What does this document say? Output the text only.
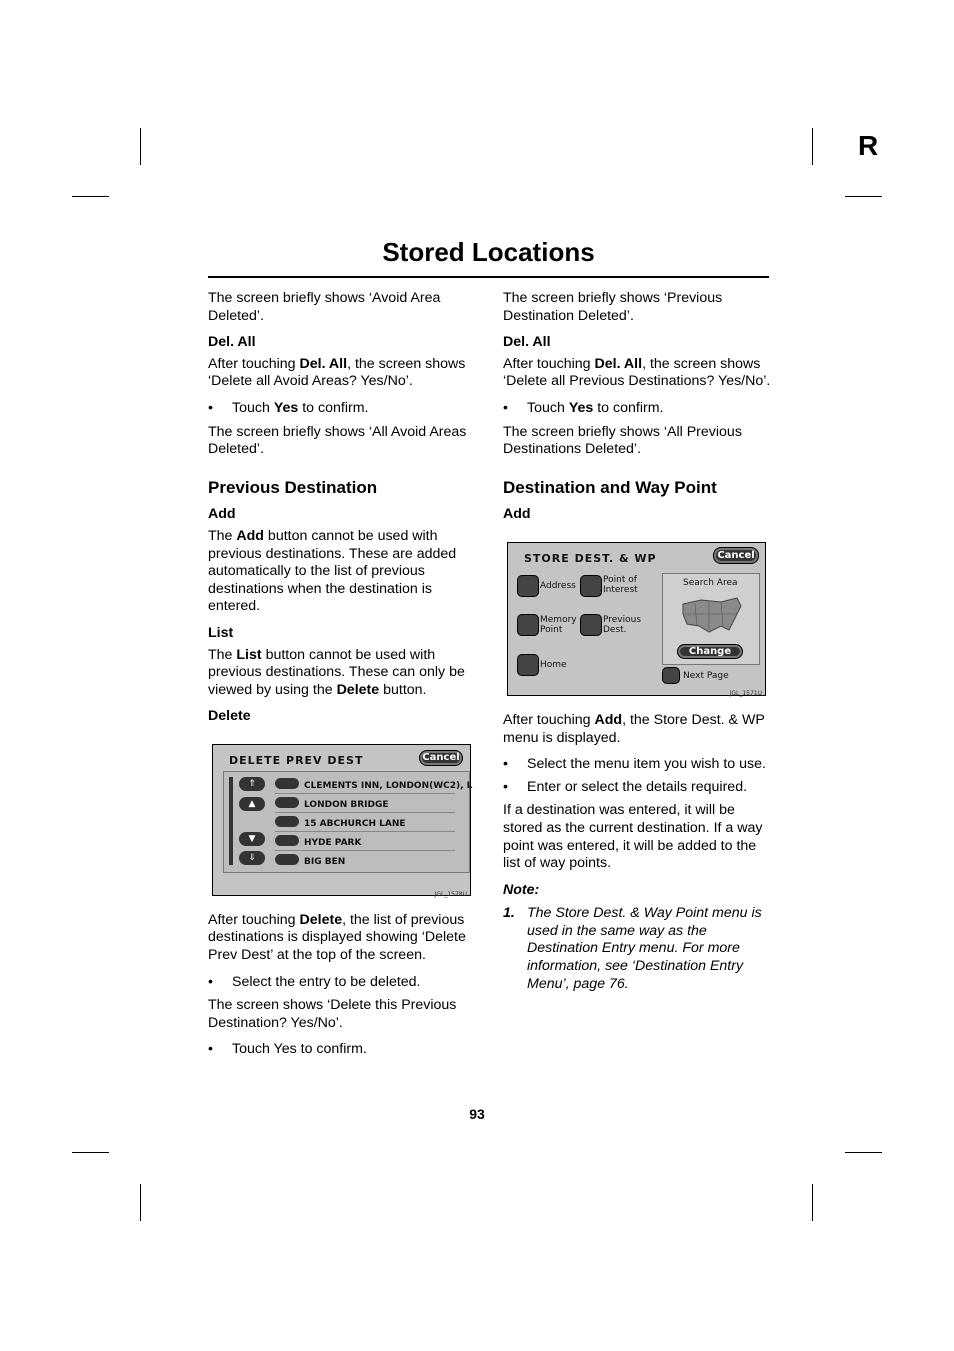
R
Stored Locations

The screen briefly shows ‘Avoid Area Deleted’.

Del. All

After touching Del. All, the screen shows ‘Delete all Avoid Areas? Yes/No’.

• Touch Yes to confirm.

The screen briefly shows ‘All Avoid Areas Deleted’.

Previous Destination
Add

The Add button cannot be used with previous destinations. These are added automatically to the list of previous destinations when the destination is entered.

List

The List button cannot be used with previous destinations. These can only be viewed by using the Delete button.

Delete
DELETE PREV DEST	Cancel
⇑
▲
▼
⇓
CLEMENTS INN, LONDON(WC2), L
LONDON BRIDGE
15 ABCHURCH LANE
HYDE PARK
BIG BEN
JGL_1578U

After touching Delete, the list of previous destinations is displayed showing ‘Delete Prev Dest’ at the top of the screen.

• Select the entry to be deleted.

The screen shows ‘Delete this Previous Destination? Yes/No’.

• Touch Yes to confirm.

The screen briefly shows ‘Previous Destination Deleted’.

Del. All

After touching Del. All, the screen shows ‘Delete all Previous Destinations? Yes/No’.

• Touch Yes to confirm.

The screen briefly shows ‘All Previous Destinations Deleted’.

Destination and Way Point
Add
STORE DEST. & WP	Cancel
Address
Point of
Interest
Memory
Point
Previous
Dest.
Home
Search Area
Change
Next Page
JGL_1571U

After touching Add, the Store Dest. & WP menu is displayed.

• Select the menu item you wish to use.
• Enter or select the details required.

If a destination was entered, it will be stored as the current destination. If a way point was entered, it will be added to the list of way points.

Note:

1. The Store Dest. & Way Point menu is used in the same way as the Destination Entry menu. For more information, see ‘Destination Entry Menu’, page 76.
93
